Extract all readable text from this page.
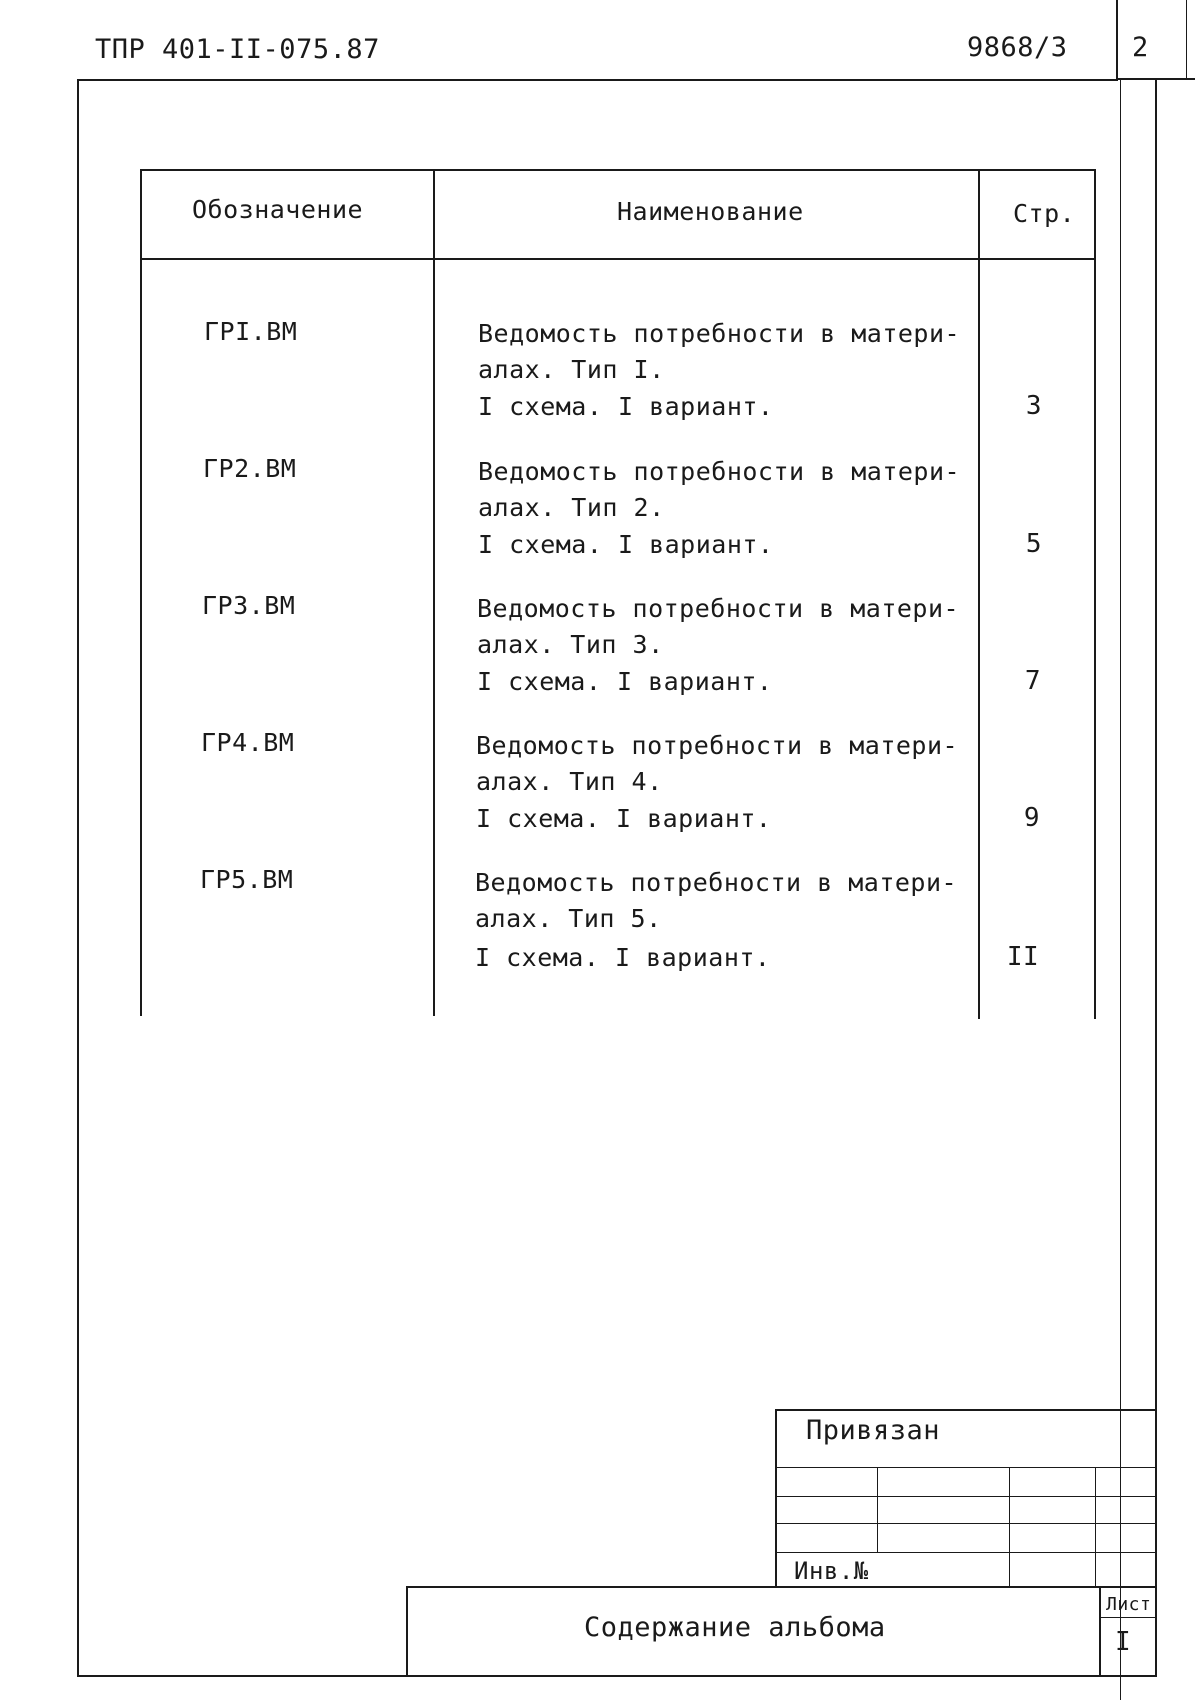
ТПР 401-II-075.87	9868/3 2
Обозначение	Наименование	Стр.
ГРI.ВМ	Ведомость потребности в матери-
алах. Тип I.
I схема. I вариант.	3
ГР2.ВМ	Ведомость потребности в матери-
алах. Тип 2.
I схема. I вариант.	5
ГР3.ВМ	Ведомость потребности в матери-
алах. Тип 3.
I схема. I вариант.	7
ГР4.ВМ	Ведомость потребности в матери-
алах. Тип 4.
I схема. I вариант.	9
ГР5.ВМ	Ведомость потребности в матери-
алах. Тип 5.
I схема. I вариант.	II
Привязан
Инв.№
Содержание альбома
Лист
I
